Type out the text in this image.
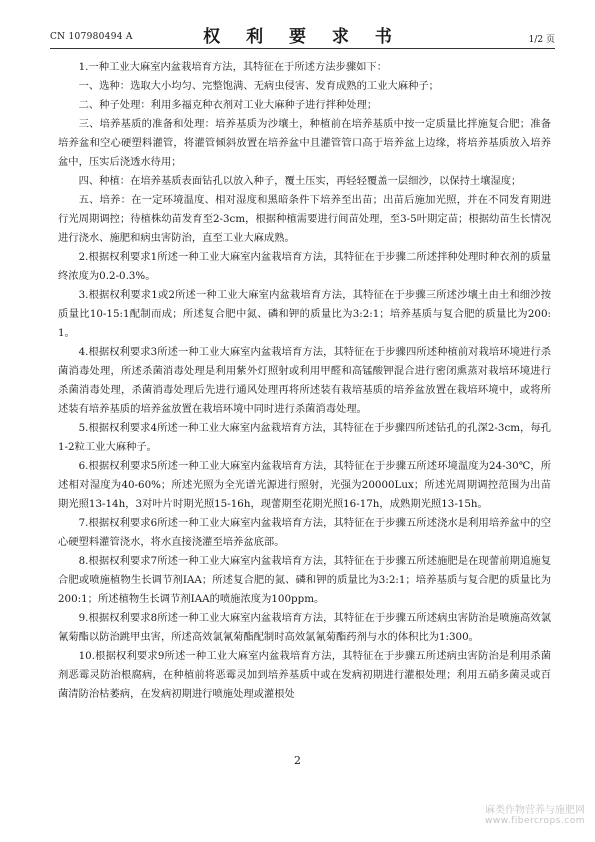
CN 107980494 A	权 利 要 求 书	1/2 页

1.一种工业大麻室内盆栽培育方法，其特征在于所述方法步骤如下：

一、选种：选取大小均匀、完整饱满、无病虫侵害、发育成熟的工业大麻种子；

二、种子处理：利用多福克种衣剂对工业大麻种子进行拌种处理；

三、培养基质的准备和处理：培养基质为沙壤土，种植前在培养基质中按一定质量比拌施复合肥；准备培养盆和空心硬塑料灌管，将灌管倾斜放置在培养盆中且灌管管口高于培养盆上边缘，将培养基质放入培养盆中，压实后浇透水待用；

四、种植：在培养基质表面钻孔以放入种子，覆土压实，再轻轻覆盖一层细沙，以保持土壤湿度；

五、培养：在一定环境温度、相对湿度和黑暗条件下培养至出苗；出苗后施加光照，并在不同发育期进行光周期调控；待植株幼苗发育至2-3cm，根据种植需要进行间苗处理，至3-5叶期定苗；根据幼苗生长情况进行浇水、施肥和病虫害防治，直至工业大麻成熟。

2.根据权利要求1所述一种工业大麻室内盆栽培育方法，其特征在于步骤二所述拌种处理时种衣剂的质量终浓度为0.2-0.3%。

3.根据权利要求1或2所述一种工业大麻室内盆栽培育方法，其特征在于步骤三所述沙壤土由土和细沙按质量比10-15:1配制而成；所述复合肥中氮、磷和钾的质量比为3:2:1；培养基质与复合肥的质量比为200:1。

4.根据权利要求3所述一种工业大麻室内盆栽培育方法，其特征在于步骤四所述种植前对栽培环境进行杀菌消毒处理，所述杀菌消毒处理是利用紫外灯照射或利用甲醛和高锰酸钾混合进行密闭熏蒸对栽培环境进行杀菌消毒处理，杀菌消毒处理后先进行通风处理再将所述装有栽培基质的培养盆放置在栽培环境中，或将所述装有培养基质的培养盆放置在栽培环境中同时进行杀菌消毒处理。

5.根据权利要求4所述一种工业大麻室内盆栽培育方法，其特征在于步骤四所述钻孔的孔深2-3cm，每孔1-2粒工业大麻种子。

6.根据权利要求5所述一种工业大麻室内盆栽培育方法，其特征在于步骤五所述环境温度为24-30℃，所述相对湿度为40-60%；所述光照为全光谱光源进行照射，光强为20000Lux；所述光周期调控范围为出苗期光照13-14h，3对叶片时期光照15-16h，现蕾期至花期光照16-17h，成熟期光照13-15h。

7.根据权利要求6所述一种工业大麻室内盆栽培育方法，其特征在于步骤五所述浇水是利用培养盆中的空心硬塑料灌管浇水，将水直接浇灌至培养盆底部。

8.根据权利要求7所述一种工业大麻室内盆栽培育方法，其特征在于步骤五所述施肥是在现蕾前期追施复合肥或喷施植物生长调节剂IAA；所述复合肥的氮、磷和钾的质量比为3:2:1；培养基质与复合肥的质量比为200:1；所述植物生长调节剂IAA的喷施浓度为100ppm。

9.根据权利要求8所述一种工业大麻室内盆栽培育方法，其特征在于步骤五所述病虫害防治是喷施高效氯氰菊酯以防治跳甲虫害，所述高效氯氰菊酯配制时高效氯氰菊酯药剂与水的体积比为1:300。

10.根据权利要求9所述一种工业大麻室内盆栽培育方法，其特征在于步骤五所述病虫害防治是利用杀菌剂恶霉灵防治根腐病，在种植前将恶霉灵加到培养基质中或在发病初期进行灌根处理；利用五硝多菌灵或百菌清防治枯萎病，在发病初期进行喷施处理或灌根处

2
麻类作物营养与施肥网
www.fibercrops.com
